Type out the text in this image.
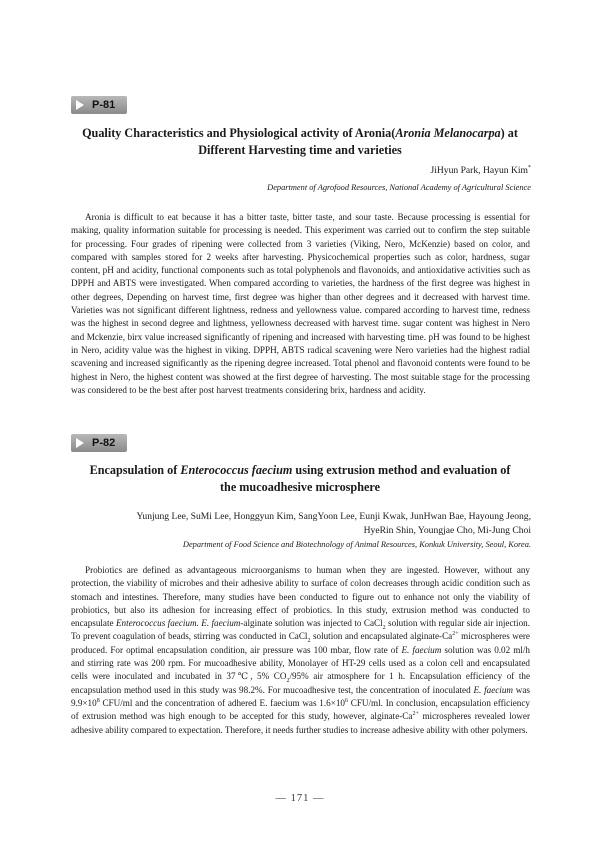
P-81
Quality Characteristics and Physiological activity of Aronia(Aronia Melanocarpa) at
Different Harvesting time and varieties
JiHyun Park, Hayun Kim*
Department of Agrofood Resources, National Academy of Agricultural Science

Aronia is difficult to eat because it has a bitter taste, bitter taste, and sour taste. Because processing is essential for making, quality information suitable for processing is needed. This experiment was carried out to confirm the step suitable for processing. Four grades of ripening were collected from 3 varieties (Viking, Nero, McKenzie) based on color, and compared with samples stored for 2 weeks after harvesting. Physicochemical properties such as color, hardness, sugar content, pH and acidity, functional components such as total polyphenols and flavonoids, and antioxidative activities such as DPPH and ABTS were investigated. When compared according to varieties, the hardness of the first degree was highest in other degrees, Depending on harvest time, first degree was higher than other degrees and it decreased with harvest time. Varieties was not significant different lightness, redness and yellowness value. compared according to harvest time, redness was the highest in second degree and lightness, yellowness decreased with harvest time. sugar content was highest in Nero and Mckenzie, birx value increased significantly of ripening and increased with harvesting time. pH was found to be highest in Nero, acidity value was the highest in viking. DPPH, ABTS radical scavening were Nero varieties had the highest radial scavening and increased significantly as the ripening degree increased. Total phenol and flavonoid contents were found to be highest in Nero, the highest content was showed at the first degree of harvesting. The most suitable stage for the processing was considered to be the best after post harvest treatments considering brix, hardness and acidity.

P-82
Encapsulation of Enterococcus faecium using extrusion method and evaluation of
the mucoadhesive microsphere
Yunjung Lee, SuMi Lee, Honggyun Kim, SangYoon Lee, Eunji Kwak, JunHwan Bae, Hayoung Jeong,
HyeRin Shin, Youngjae Cho, Mi-Jung Choi
Department of Food Science and Biotechnology of Animal Resources, Konkuk University, Seoul, Korea.

Probiotics are defined as advantageous microorganisms to human when they are ingested. However, without any protection, the viability of microbes and their adhesive ability to surface of colon decreases through acidic condition such as stomach and intestines. Therefore, many studies have been conducted to figure out to enhance not only the viability of probiotics, but also its adhesion for increasing effect of probiotics. In this study, extrusion method was conducted to encapsulate Enterococcus faecium. E. faecium-alginate solution was injected to CaCl$_2$ solution with regular side air injection. To prevent coagulation of beads, stirring was conducted in CaCl$_2$ solution and encapsulated alginate-$Ca^{2+}$ microspheres were produced. For optimal encapsulation condition, air pressure was 100 mbar, flow rate of E. faecium solution was 0.02 ml/h and stirring rate was 200 rpm. For mucoadhesive ability, Monolayer of HT-29 cells used as a colon cell and encapsulated cells were inoculated and incubated in 37℃, 5% $CO_2/95\%$ air atmosphere for 1 h. Encapsulation efficiency of the encapsulation method used in this study was 98.2%. For mucoadhesive test, the concentration of inoculated E. faecium was $9.9\times 10^8$ CFU/ml and the concentration of adhered E. faecium was $1.6\times 10^6$ CFU/ml. In conclusion, encapsulation efficiency of extrusion method was high enough to be accepted for this study, however, alginate-$Ca^{2+}$ microspheres revealed lower adhesive ability compared to expectation. Therefore, it needs further studies to increase adhesive ability with other polymers.

— 171 —
